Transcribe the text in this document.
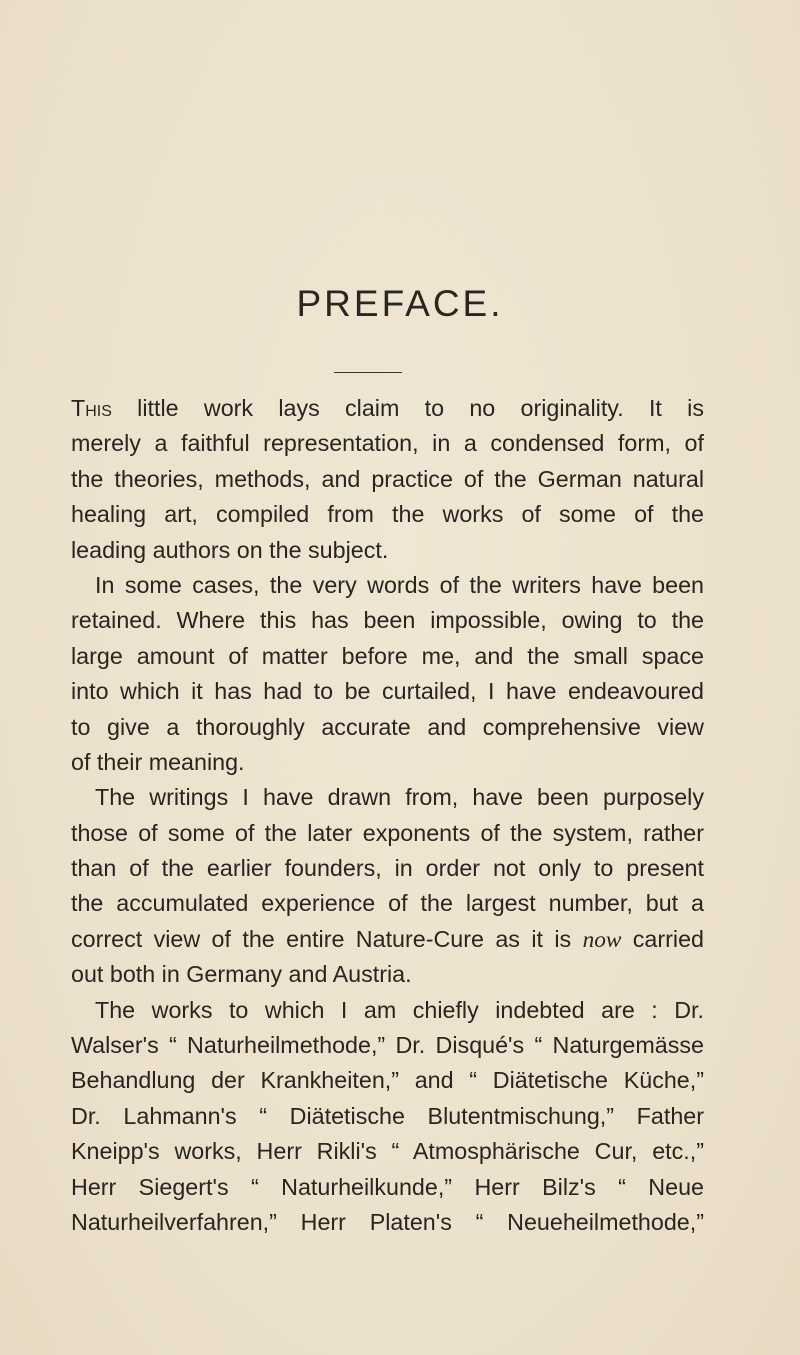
PREFACE.
This little work lays claim to no originality. It is
merely a faithful representation, in a condensed form, of
the theories, methods, and practice of the German natural
healing art, compiled from the works of some of the
leading authors on the subject.
In some cases, the very words of the writers have been
retained. Where this has been impossible, owing to the
large amount of matter before me, and the small space
into which it has had to be curtailed, I have endeavoured
to give a thoroughly accurate and comprehensive view
of their meaning.
The writings I have drawn from, have been purposely
those of some of the later exponents of the system, rather
than of the earlier founders, in order not only to present
the accumulated experience of the largest number, but a
correct view of the entire Nature-Cure as it is now carried
out both in Germany and Austria.
The works to which I am chiefly indebted are : Dr.
Walser's “ Naturheilmethode,” Dr. Disqué's “ Naturgemässe
Behandlung der Krankheiten,” and “ Diätetische Küche,”
Dr. Lahmann's “ Diätetische Blutentmischung,” Father
Kneipp's works, Herr Rikli's “ Atmosphärische Cur, etc.,”
Herr Siegert's “ Naturheilkunde,” Herr Bilz's “ Neue
Naturheilverfahren,” Herr Platen's “ Neueheilmethode,”
